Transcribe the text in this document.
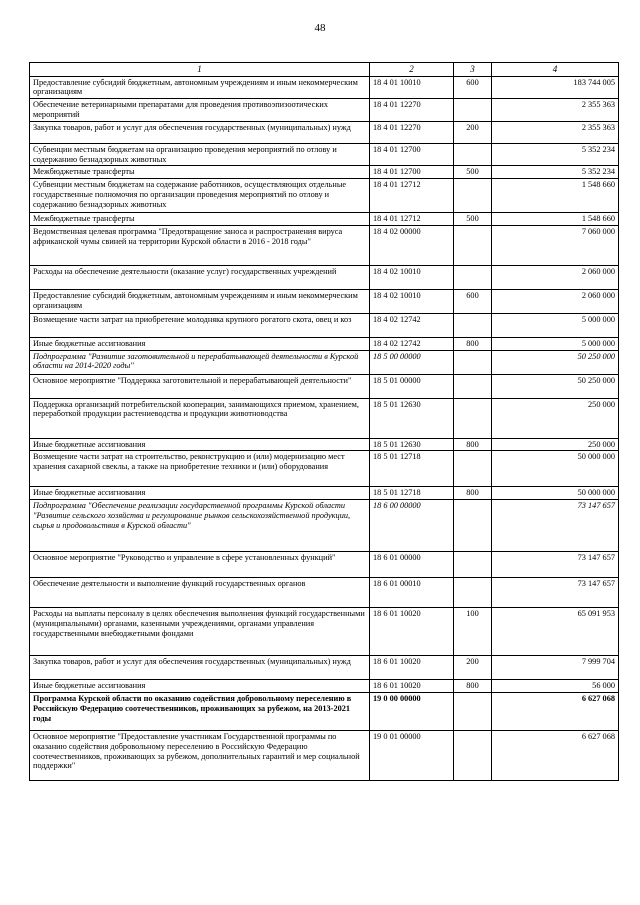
48
1	2	3	4
Предоставление субсидий бюджетным, автономным учреждениям и иным некоммерческим организациям	18 4 01 10010	600	183 744 005
Обеспечение ветеринарными препаратами для проведения противоэпизоотических мероприятий	18 4 01 12270		2 355 363
Закупка товаров, работ и услуг для обеспечения государственных (муниципальных) нужд	18 4 01 12270	200	2 355 363
Субвенции местным бюджетам на организацию проведения мероприятий по отлову и содержанию безнадзорных животных	18 4 01 12700		5 352 234
Межбюджетные трансферты	18 4 01 12700	500	5 352 234
Субвенции местным бюджетам на содержание работников, осуществляющих отдельные государственные полномочия по организации проведения мероприятий по отлову и содержанию безнадзорных животных	18 4 01 12712		1 548 660
Межбюджетные трансферты	18 4 01 12712	500	1 548 660
Ведомственная целевая программа "Предотвращение заноса и распространения вируса африканской чумы свиней на территории Курской области в 2016 - 2018 годы"	18 4 02 00000		7 060 000
Расходы на обеспечение деятельности (оказание услуг) государственных учреждений	18 4 02 10010		2 060 000
Предоставление субсидий бюджетным, автономным учреждениям и иным некоммерческим организациям	18 4 02 10010	600	2 060 000
Возмещение части затрат на приобретение молодняка крупного рогатого скота, овец и коз	18 4 02 12742		5 000 000
Иные бюджетные ассигнования	18 4 02 12742	800	5 000 000
Подпрограмма "Развитие заготовительной и перерабатывающей деятельности в Курской области на 2014-2020 годы"	18 5 00 00000		50 250 000
Основное мероприятие "Поддержка заготовительной и перерабатывающей деятельности"	18 5 01 00000		50 250 000
Поддержка организаций потребительской кооперации, занимающихся приемом, хранением, переработкой продукции растениеводства и продукции животноводства	18 5 01 12630		250 000
Иные бюджетные ассигнования	18 5 01 12630	800	250 000
Возмещение части затрат на строительство, реконструкцию и (или) модернизацию мест хранения сахарной свеклы, а также на приобретение техники и (или) оборудования	18 5 01 12718		50 000 000
Иные бюджетные ассигнования	18 5 01 12718	800	50 000 000
Подпрограмма "Обеспечение реализации государственной программы Курской области "Развитие сельского хозяйства и регулирование рынков сельскохозяйственной продукции, сырья и продовольствия в Курской области"	18 6 00 00000		73 147 657
Основное мероприятие "Руководство и управление в сфере установленных функций"	18 6 01 00000		73 147 657
Обеспечение деятельности и выполнение функций государственных органов	18 6 01 00010		73 147 657
Расходы на выплаты персоналу в целях обеспечения выполнения функций государственными (муниципальными) органами, казенными учреждениями, органами управления государственными внебюджетными фондами	18 6 01 10020	100	65 091 953
Закупка товаров, работ и услуг для обеспечения государственных (муниципальных) нужд	18 6 01 10020	200	7 999 704
Иные бюджетные ассигнования	18 6 01 10020	800	56 000
Программа Курской области по оказанию содействия добровольному переселению в Российскую Федерацию соотечественников, проживающих за рубежом, на 2013-2021 годы	19 0 00 00000		6 627 068
Основное мероприятие "Предоставление участникам Государственной программы по оказанию содействия добровольному переселению в Российскую Федерацию соотечественников, проживающих за рубежом, дополнительных гарантий и мер социальной поддержки"	19 0 01 00000		6 627 068
